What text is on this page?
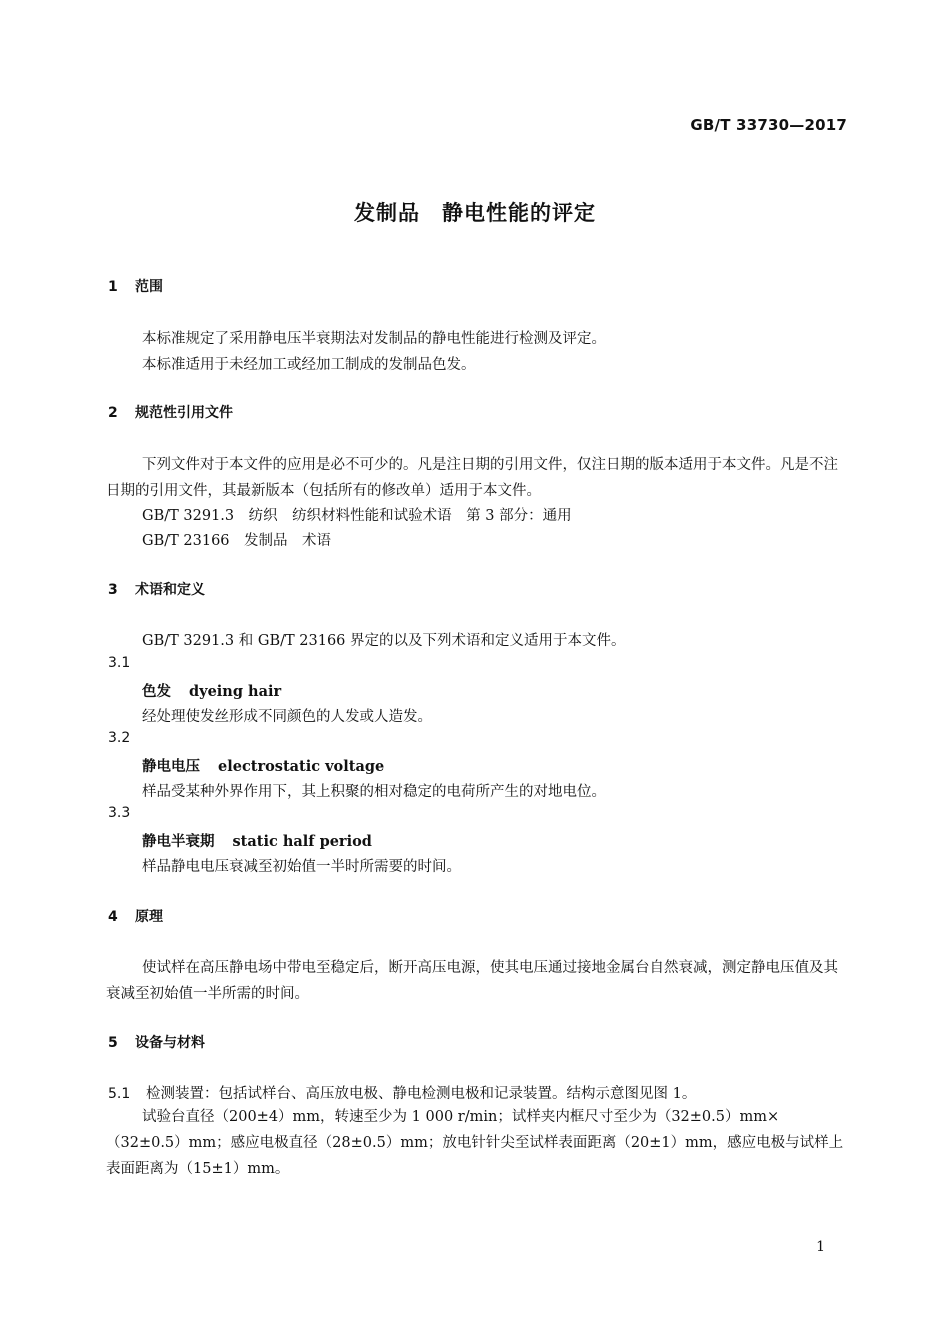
GB/T 33730—2017
发制品　静电性能的评定
1 范围
本标准规定了采用静电压半衰期法对发制品的静电性能进行检测及评定。
本标准适用于未经加工或经加工制成的发制品色发。
2 规范性引用文件
下列文件对于本文件的应用是必不可少的。凡是注日期的引用文件，仅注日期的版本适用于本文件。凡是不注日期的引用文件，其最新版本（包括所有的修改单）适用于本文件。
GB/T 3291.3　纺织　纺织材料性能和试验术语　第 3 部分：通用
GB/T 23166　发制品　术语
3 术语和定义
GB/T 3291.3 和 GB/T 23166 界定的以及下列术语和定义适用于本文件。
3.1
色发 dyeing hair
经处理使发丝形成不同颜色的人发或人造发。
3.2
静电电压 electrostatic voltage
样品受某种外界作用下，其上积聚的相对稳定的电荷所产生的对地电位。
3.3
静电半衰期 static half period
样品静电电压衰减至初始值一半时所需要的时间。
4 原理
使试样在高压静电场中带电至稳定后，断开高压电源，使其电压通过接地金属台自然衰减，测定静电压值及其衰减至初始值一半所需的时间。
5 设备与材料
5.1 检测装置：包括试样台、高压放电极、静电检测电极和记录装置。结构示意图见图 1。
试验台直径（200±4）mm，转速至少为 1 000 r/min；试样夹内框尺寸至少为（32±0.5）mm×（32±0.5）mm；感应电极直径（28±0.5）mm；放电针针尖至试样表面距离（20±1）mm，感应电极与试样上表面距离为（15±1）mm。
1
